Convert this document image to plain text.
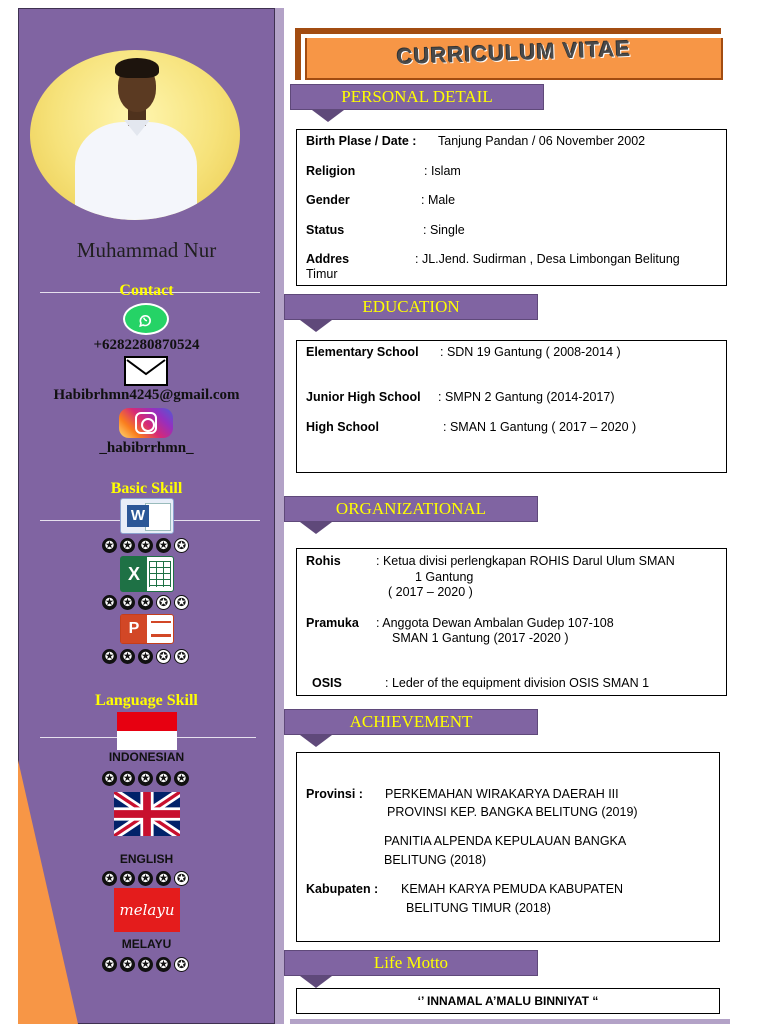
Muhammad Nur
Contact
+6282280870524
Habibrhmn4245@gmail.com
_habibrrhmn_
Basic Skill
W
✪ ✪ ✪ ✪ ✪
X
✪ ✪ ✪ ✪ ✪
P
✪ ✪ ✪ ✪ ✪
Language Skill
INDONESIAN
✪ ✪ ✪ ✪ ✪
ENGLISH
✪ ✪ ✪ ✪ ✪
melayu
MELAYU
✪ ✪ ✪ ✪ ✪
CURRICULUM VITAE
PERSONAL DETAIL
Birth Plase / Date : Tanjung Pandan / 06 November 2002
Religion	: Islam
Gender	: Male
Status	: Single
Addres	: JL.Jend. Sudirman , Desa Limbongan Belitung
Timur
EDUCATION
Elementary School : SDN 19 Gantung ( 2008-2014 )
Junior High School : SMPN 2 Gantung (2014-2017)
High School	: SMAN 1 Gantung ( 2017 – 2020 )
ORGANIZATIONAL
Rohis	: Ketua divisi perlengkapan ROHIS Darul Ulum SMAN
1 Gantung
( 2017 – 2020 )
Pramuka : Anggota Dewan Ambalan Gudep 107-108
SMAN 1 Gantung (2017 -2020 )
OSIS	: Leder of the equipment division OSIS SMAN 1
ACHIEVEMENT
Provinsi : PERKEMAHAN WIRAKARYA DAERAH III
PROVINSI KEP. BANGKA BELITUNG (2019)
PANITIA ALPENDA KEPULAUAN BANGKA
BELITUNG (2018)
Kabupaten : KEMAH KARYA PEMUDA KABUPATEN
BELITUNG TIMUR (2018)
Life Motto
‘’ INNAMAL A’MALU BINNIYAT “
